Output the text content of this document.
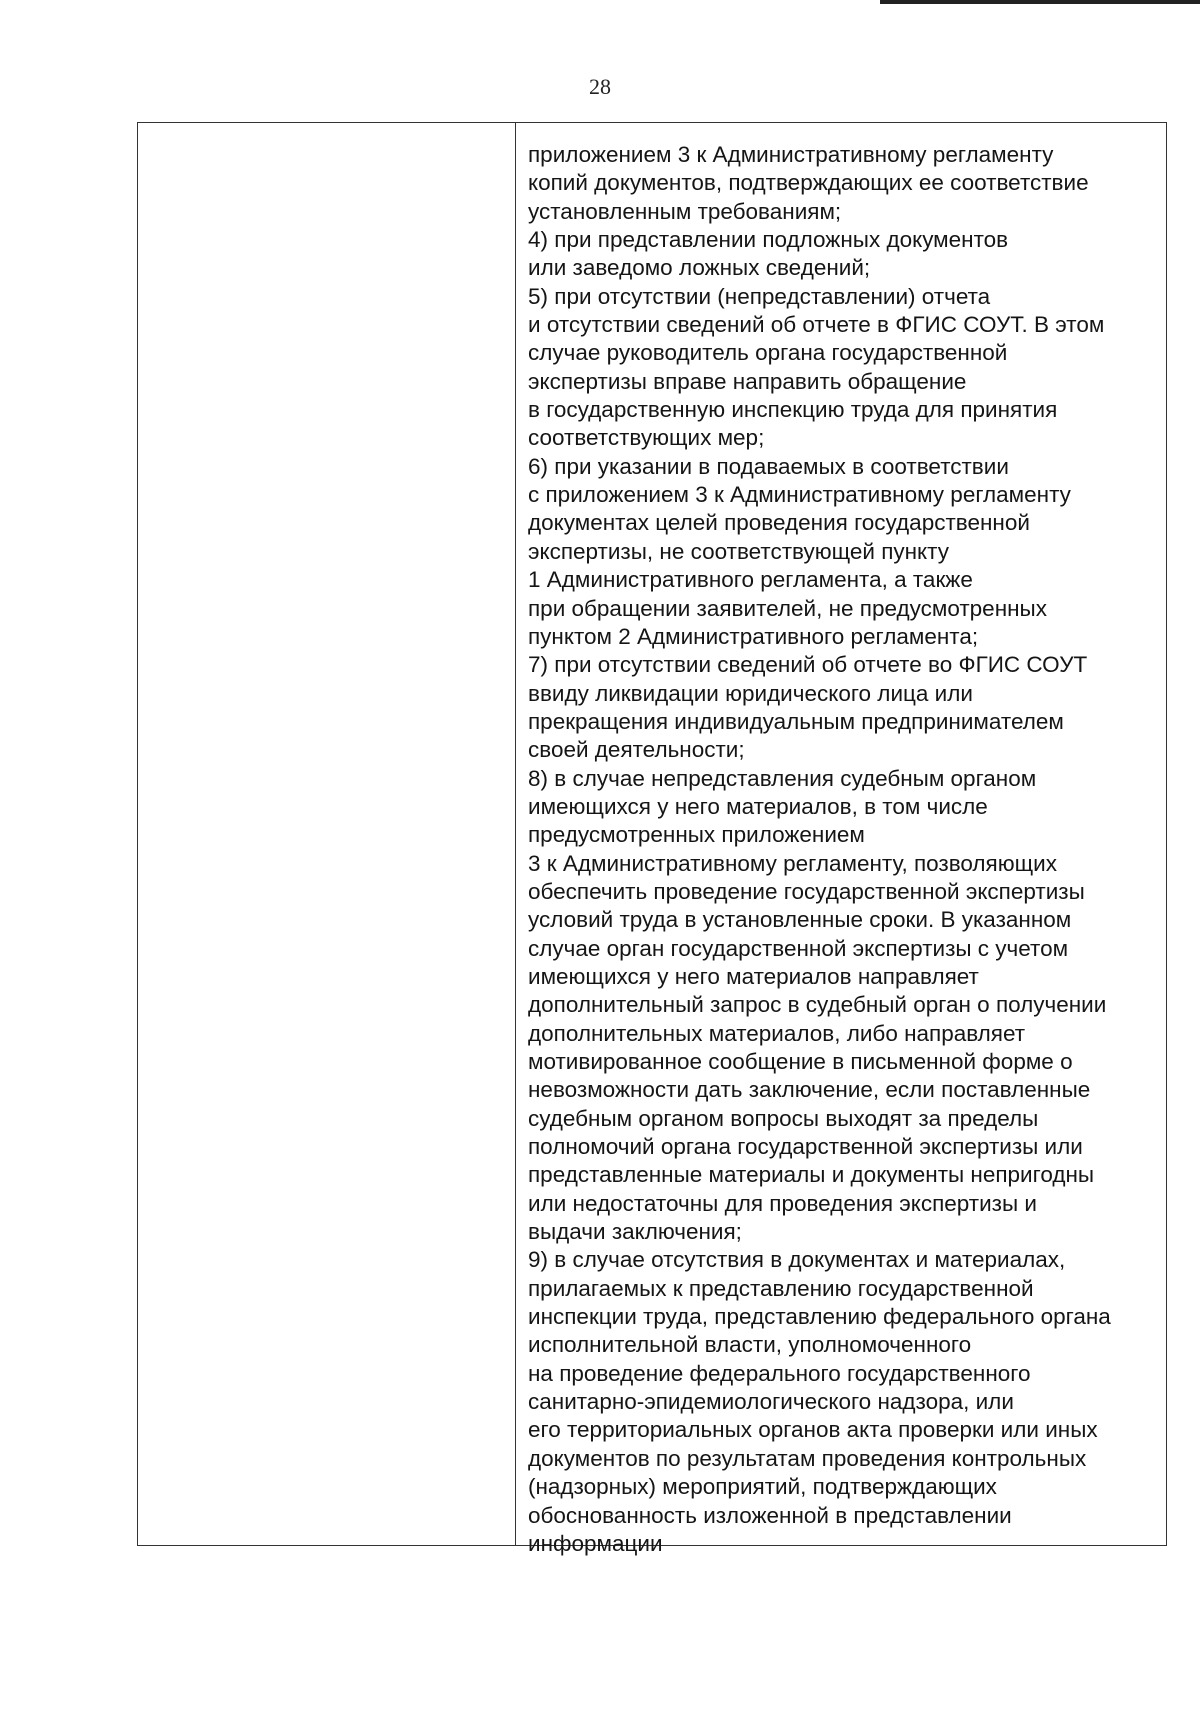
28
приложением 3 к Административному регламенту
копий документов, подтверждающих ее соответствие
установленным требованиям;
4) при представлении подложных документов
или заведомо ложных сведений;
5) при отсутствии (непредставлении) отчета
и отсутствии сведений об отчете в ФГИС СОУТ. В этом
случае руководитель органа государственной
экспертизы вправе направить обращение
в государственную инспекцию труда для принятия
соответствующих мер;
6) при указании в подаваемых в соответствии
с приложением 3 к Административному регламенту
документах целей проведения государственной
экспертизы, не соответствующей пункту
1 Административного регламента, а также
при обращении заявителей, не предусмотренных
пунктом 2 Административного регламента;
7) при отсутствии сведений об отчете во ФГИС СОУТ
ввиду ликвидации юридического лица или
прекращения индивидуальным предпринимателем
своей деятельности;
8) в случае непредставления судебным органом
имеющихся у него материалов, в том числе
предусмотренных приложением
3 к Административному регламенту, позволяющих
обеспечить проведение государственной экспертизы
условий труда в установленные сроки. В указанном
случае орган государственной экспертизы с учетом
имеющихся у него материалов направляет
дополнительный запрос в судебный орган о получении
дополнительных материалов, либо направляет
мотивированное сообщение в письменной форме о
невозможности дать заключение, если поставленные
судебным органом вопросы выходят за пределы
полномочий органа государственной экспертизы или
представленные материалы и документы непригодны
или недостаточны для проведения экспертизы и
выдачи заключения;
9) в случае отсутствия в документах и материалах,
прилагаемых к представлению государственной
инспекции труда, представлению федерального органа
исполнительной власти, уполномоченного
на проведение федерального государственного
санитарно-эпидемиологического надзора, или
его территориальных органов акта проверки или иных
документов по результатам проведения контрольных
(надзорных) мероприятий, подтверждающих
обоснованность изложенной в представлении
информации
